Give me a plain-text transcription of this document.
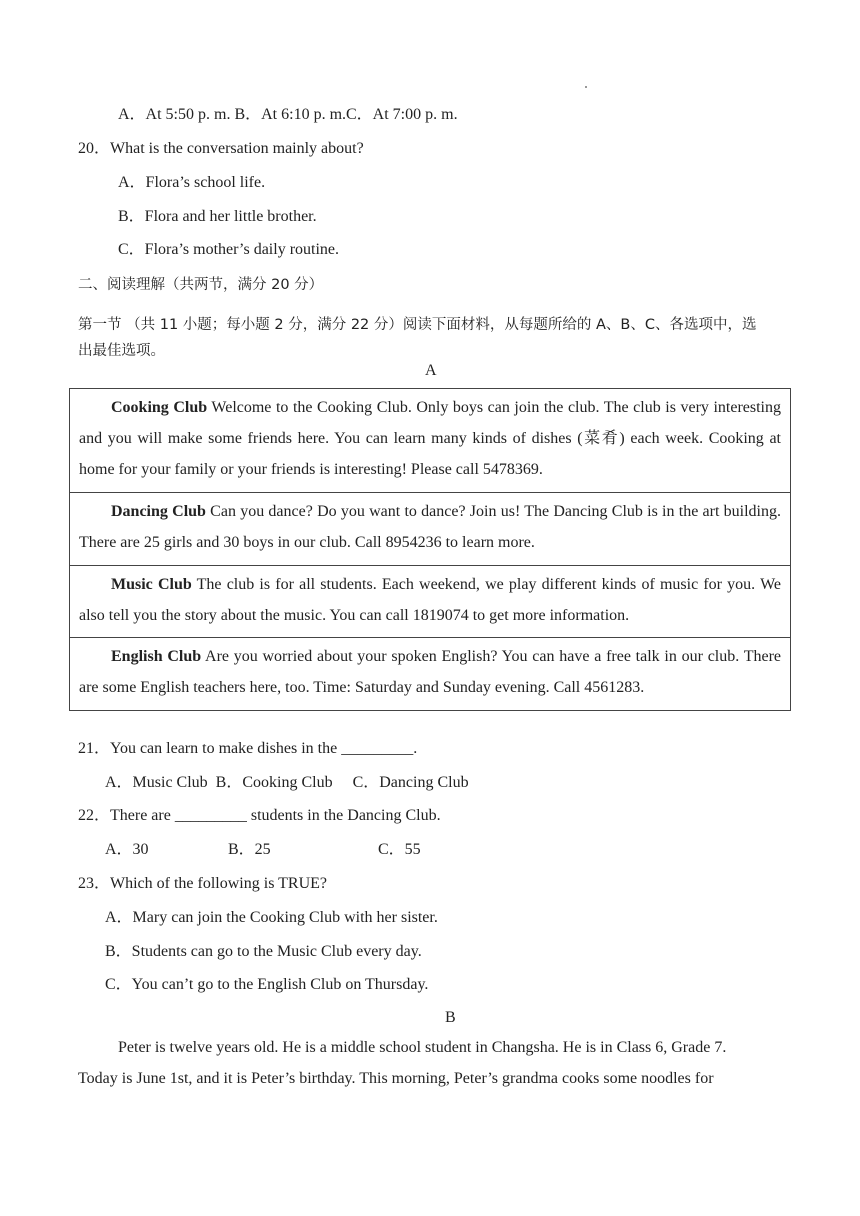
A．At 5:50 p. m. B．At 6:10 p. m.C．At 7:00 p. m.
20．What is the conversation mainly about?
A．Flora’s school life.
B．Flora and her little brother.
C．Flora’s mother’s daily routine.
二、阅读理解（共两节，满分 20 分）
第一节 （共 11 小题；每小题 2 分，满分 22 分）阅读下面材料，从每题所给的 A、B、C、各选项中，选
出最佳选项。
A
Cooking Club Welcome to the Cooking Club. Only boys can join the club. The club is very interesting and you will make some friends here. You can learn many kinds of dishes (菜肴) each week. Cooking at home for your family or your friends is interesting! Please call 5478369.
Dancing Club Can you dance? Do you want to dance? Join us! The Dancing Club is in the art building. There are 25 girls and 30 boys in our club. Call 8954236 to learn more.
Music Club The club is for all students. Each weekend, we play different kinds of music for you. We also tell you the story about the music. You can call 1819074 to get more information.
English Club Are you worried about your spoken English? You can have a free talk in our club. There are some English teachers here, too. Time: Saturday and Sunday evening. Call 4561283.
21．You can learn to make dishes in the _________.
A．Music Club  B．Cooking Club     C．Dancing Club
22．There are _________ students in the Dancing Club.
A．30	B．25	C．55
23．Which of the following is TRUE?
A．Mary can join the Cooking Club with her sister.
B．Students can go to the Music Club every day.
C．You can’t go to the English Club on Thursday.
B
Peter is twelve years old. He is a middle school student in Changsha. He is in Class 6, Grade 7.
Today is June 1st, and it is Peter’s birthday. This morning, Peter’s grandma cooks some noodles for
